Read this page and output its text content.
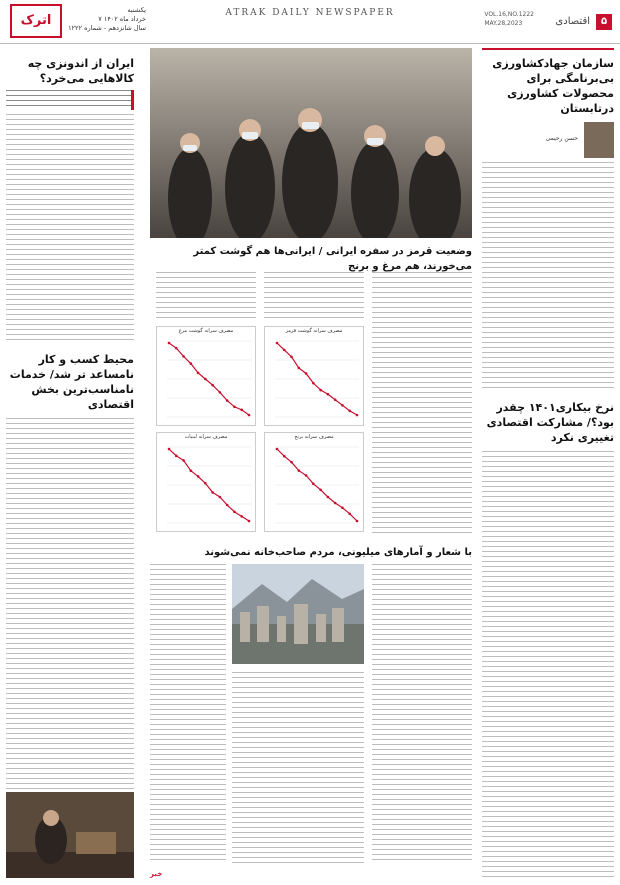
۵
اقتصادی
VOL.16,NO.1222
MAY.28,2023
ATRAK DAILY NEWSPAPER
اترک
یکشنبه
۷ خرداد ماه ۱۴۰۲
سال شانزدهم - شماره ۱۲۲۲
سازمان جهادکشاورزی بی‌برنامگی برای محصولات کشاورزی درتابستان
حسن رحیمی
نرخ بیکاری۱۴۰۱ چقدر بود؟/ مشارکت اقتصادی تغییری نکرد
ایران از اندونزی چه کالاهایی می‌خرد؟
محیط کسب و کار نامساعد تر شد/ خدمات نامناسب‌ترین بخش اقتصادی
وضعیت قرمز در سفره ایرانی / ایرانی‌ها هم گوشت کمتر می‌خورند، هم مرغ و برنج
مصرف سرانه گوشت قرمز
مصرف سرانه گوشت مرغ
مصرف سرانه برنج
مصرف سرانه لبنیات
با شعار و آمارهای میلیونی، مردم صاحب‌خانه نمی‌شوند
خبر
